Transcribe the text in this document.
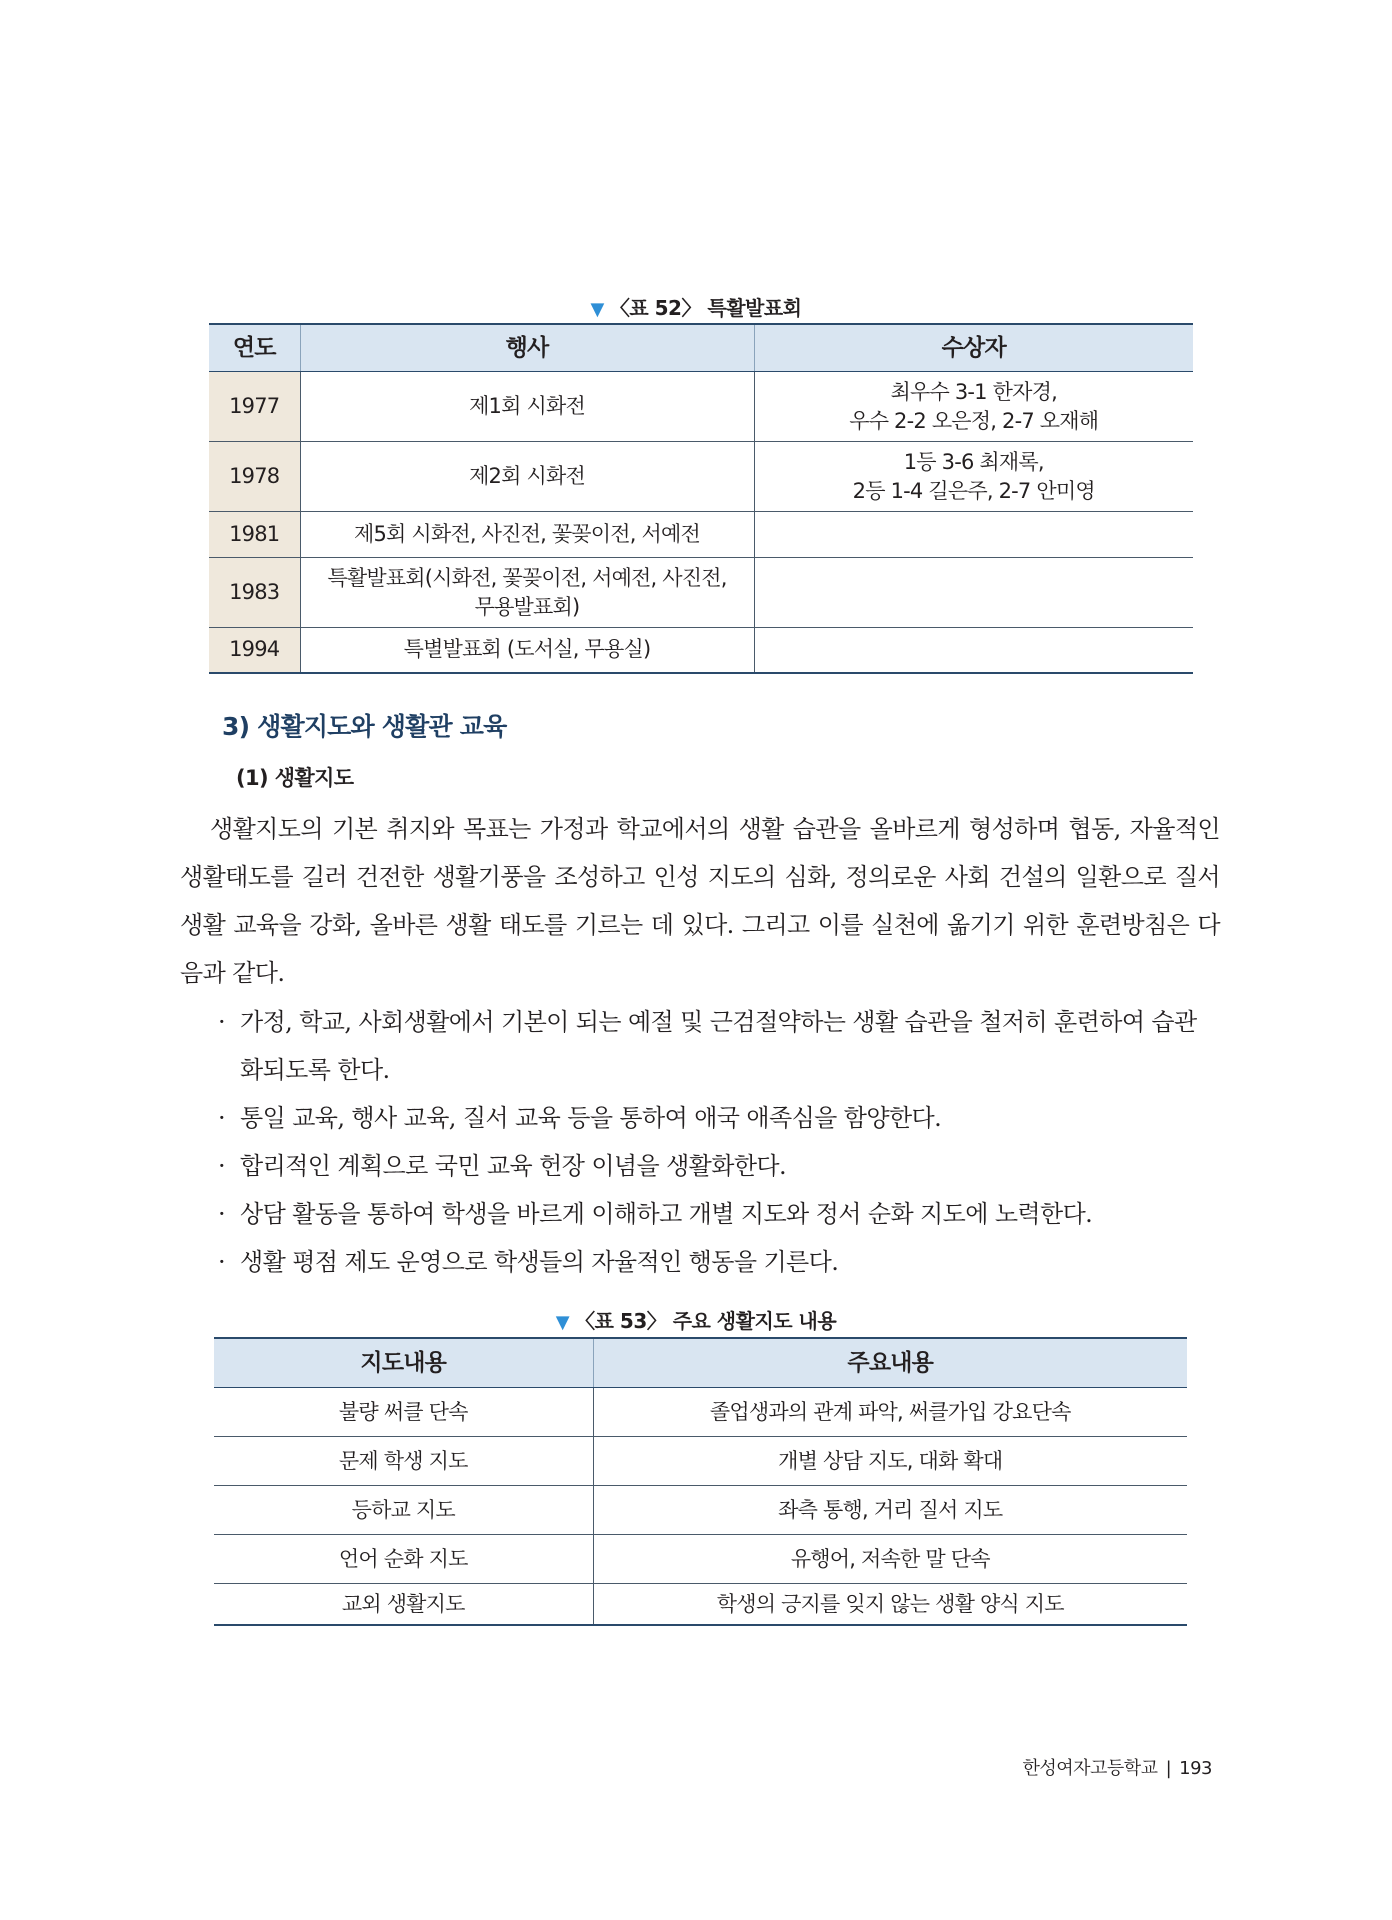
▼ 〈표 52〉 특활발표회
연도	행사	수상자
1977	제1회 시화전	최우수 3-1 한자경,
우수 2-2 오은정, 2-7 오재해

1978	제2회 시화전	1등 3-6 최재록,
2등 1-4 길은주, 2-7 안미영

1981	제5회 시화전, 사진전, 꽃꽂이전, 서예전	
1983	특활발표회(시화전, 꽃꽂이전, 서예전, 사진전,
무용발표회)	

1994	특별발표회 (도서실, 무용실)	
3) 생활지도와 생활관 교육
(1) 생활지도

생활지도의 기본 취지와 목표는 가정과 학교에서의 생활 습관을 올바르게 형성하며 협동, 자율적인 생활태도를 길러 건전한 생활기풍을 조성하고 인성 지도의 심화, 정의로운 사회 건설의 일환으로 질서 생활 교육을 강화, 올바른 생활 태도를 기르는 데 있다. 그리고 이를 실천에 옮기기 위한 훈련방침은 다음과 같다.

· 가정, 학교, 사회생활에서 기본이 되는 예절 및 근검절약하는 생활 습관을 철저히 훈련하여 습관화되도록 한다.
· 통일 교육, 행사 교육, 질서 교육 등을 통하여 애국 애족심을 함양한다.
· 합리적인 계획으로 국민 교육 헌장 이념을 생활화한다.
· 상담 활동을 통하여 학생을 바르게 이해하고 개별 지도와 정서 순화 지도에 노력한다.
· 생활 평점 제도 운영으로 학생들의 자율적인 행동을 기른다.
▼ 〈표 53〉 주요 생활지도 내용
지도내용	주요내용
불량 써클 단속	졸업생과의 관계 파악, 써클가입 강요단속
문제 학생 지도	개별 상담 지도, 대화 확대
등하교 지도	좌측 통행, 거리 질서 지도
언어 순화 지도	유행어, 저속한 말 단속
교외 생활지도	학생의 긍지를 잊지 않는 생활 양식 지도
한성여자고등학교 | 193
